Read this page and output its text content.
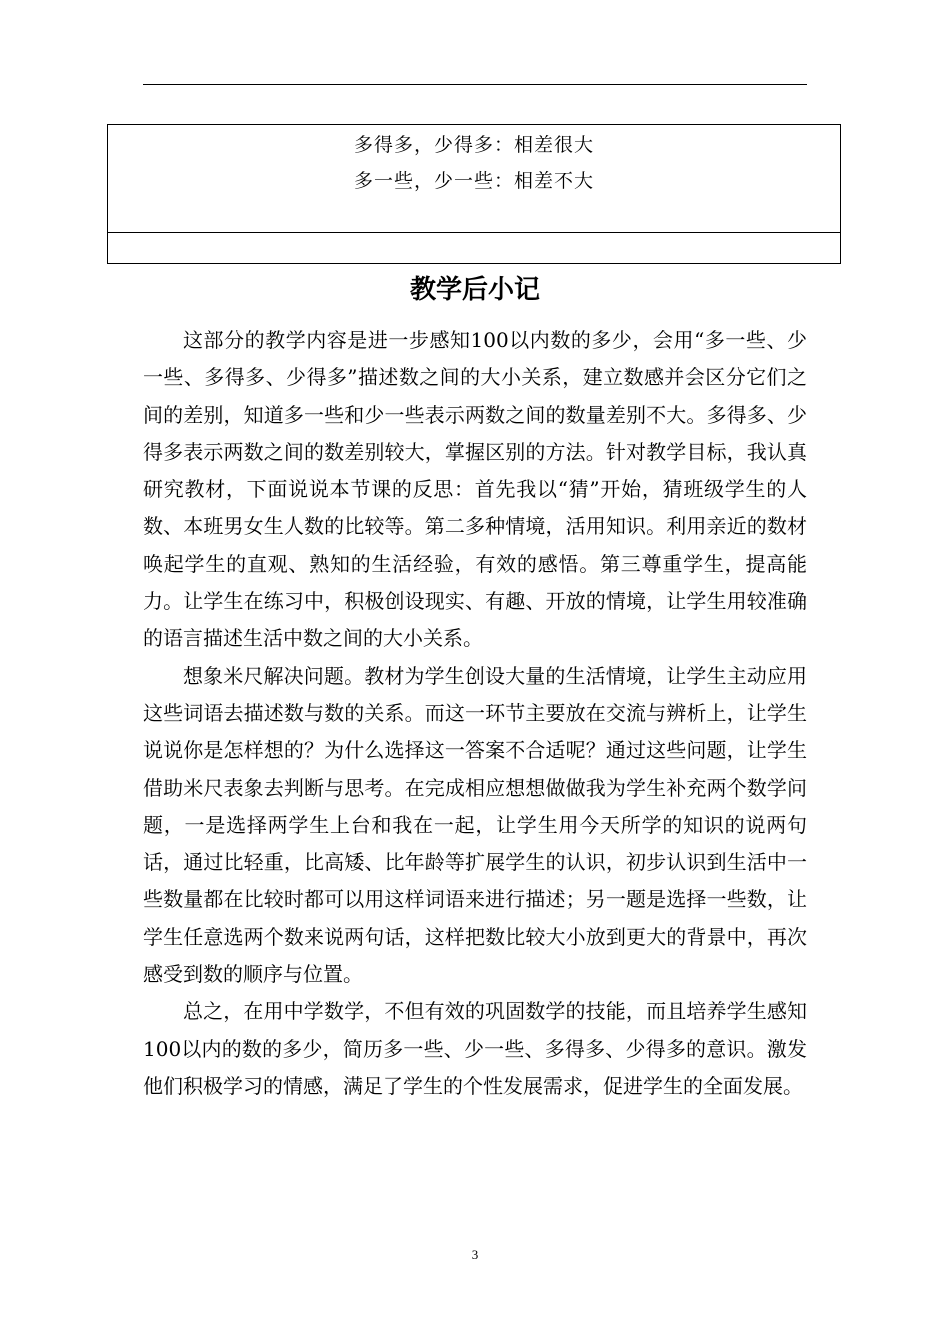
多得多，少得多：相差很大
多一些，少一些：相差不大
教学后小记

这部分的教学内容是进一步感知100以内数的多少，会用“多一些、少一些、多得多、少得多”描述数之间的大小关系，建立数感并会区分它们之间的差别，知道多一些和少一些表示两数之间的数量差别不大。多得多、少得多表示两数之间的数差别较大，掌握区别的方法。针对教学目标，我认真研究教材，下面说说本节课的反思：首先我以“猜”开始，猜班级学生的人数、本班男女生人数的比较等。第二多种情境，活用知识。利用亲近的数材唤起学生的直观、熟知的生活经验，有效的感悟。第三尊重学生，提高能力。让学生在练习中，积极创设现实、有趣、开放的情境，让学生用较准确的语言描述生活中数之间的大小关系。

想象米尺解决问题。教材为学生创设大量的生活情境，让学生主动应用这些词语去描述数与数的关系。而这一环节主要放在交流与辨析上，让学生说说你是怎样想的？为什么选择这一答案不合适呢？通过这些问题，让学生借助米尺表象去判断与思考。在完成相应想想做做我为学生补充两个数学问题，一是选择两学生上台和我在一起，让学生用今天所学的知识的说两句话，通过比轻重，比高矮、比年龄等扩展学生的认识，初步认识到生活中一些数量都在比较时都可以用这样词语来进行描述；另一题是选择一些数，让学生任意选两个数来说两句话，这样把数比较大小放到更大的背景中，再次感受到数的顺序与位置。

总之，在用中学数学，不但有效的巩固数学的技能，而且培养学生感知100以内的数的多少，简历多一些、少一些、多得多、少得多的意识。激发他们积极学习的情感，满足了学生的个性发展需求，促进学生的全面发展。

3
